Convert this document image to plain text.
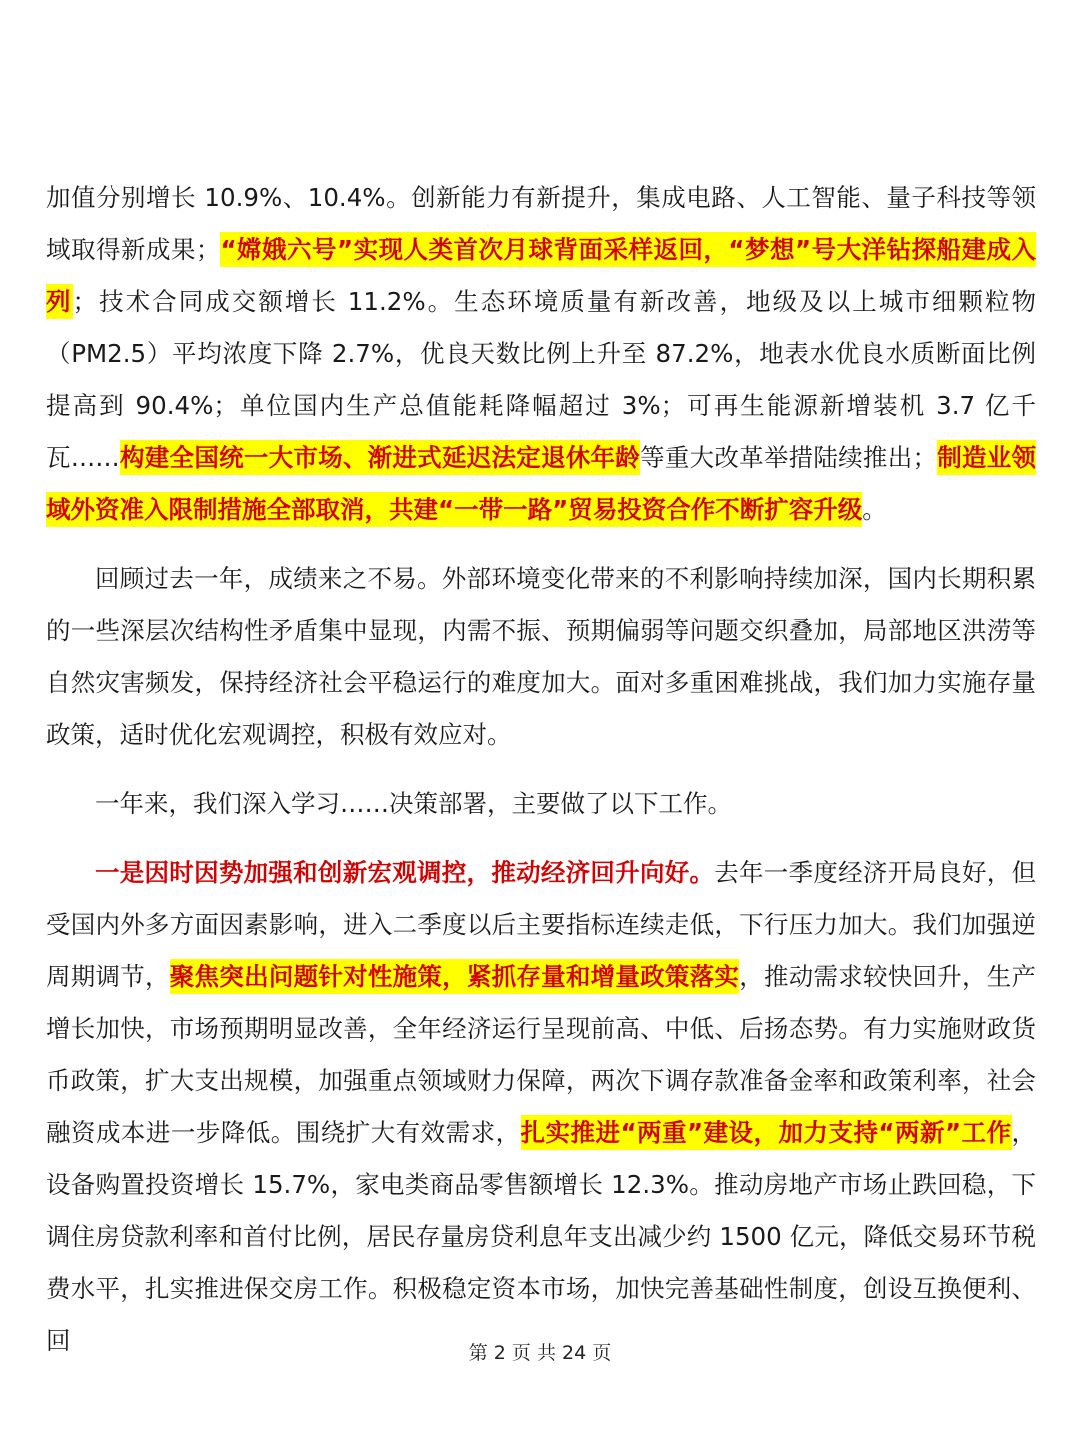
加值分别增长 10.9%、10.4%。创新能力有新提升，集成电路、人工智能、量子科技等领域取得新成果；“嫦娥六号”实现人类首次月球背面采样返回，“梦想”号大洋钻探船建成入列；技术合同成交额增长 11.2%。生态环境质量有新改善，地级及以上城市细颗粒物（PM2.5）平均浓度下降 2.7%，优良天数比例上升至 87.2%，地表水优良水质断面比例提高到 90.4%；单位国内生产总值能耗降幅超过 3%；可再生能源新增装机 3.7 亿千瓦……构建全国统一大市场、渐进式延迟法定退休年龄等重大改革举措陆续推出；制造业领域外资准入限制措施全部取消，共建“一带一路”贸易投资合作不断扩容升级。

回顾过去一年，成绩来之不易。外部环境变化带来的不利影响持续加深，国内长期积累的一些深层次结构性矛盾集中显现，内需不振、预期偏弱等问题交织叠加，局部地区洪涝等自然灾害频发，保持经济社会平稳运行的难度加大。面对多重困难挑战，我们加力实施存量政策，适时优化宏观调控，积极有效应对。

一年来，我们深入学习……决策部署，主要做了以下工作。

一是因时因势加强和创新宏观调控，推动经济回升向好。去年一季度经济开局良好，但受国内外多方面因素影响，进入二季度以后主要指标连续走低，下行压力加大。我们加强逆周期调节，聚焦突出问题针对性施策，紧抓存量和增量政策落实，推动需求较快回升，生产增长加快，市场预期明显改善，全年经济运行呈现前高、中低、后扬态势。有力实施财政货币政策，扩大支出规模，加强重点领域财力保障，两次下调存款准备金率和政策利率，社会融资成本进一步降低。围绕扩大有效需求，扎实推进“两重”建设，加力支持“两新”工作，设备购置投资增长 15.7%，家电类商品零售额增长 12.3%。推动房地产市场止跌回稳，下调住房贷款利率和首付比例，居民存量房贷利息年支出减少约 1500 亿元，降低交易环节税费水平，扎实推进保交房工作。积极稳定资本市场，加快完善基础性制度，创设互换便利、回	第 2 页 共 24 页
